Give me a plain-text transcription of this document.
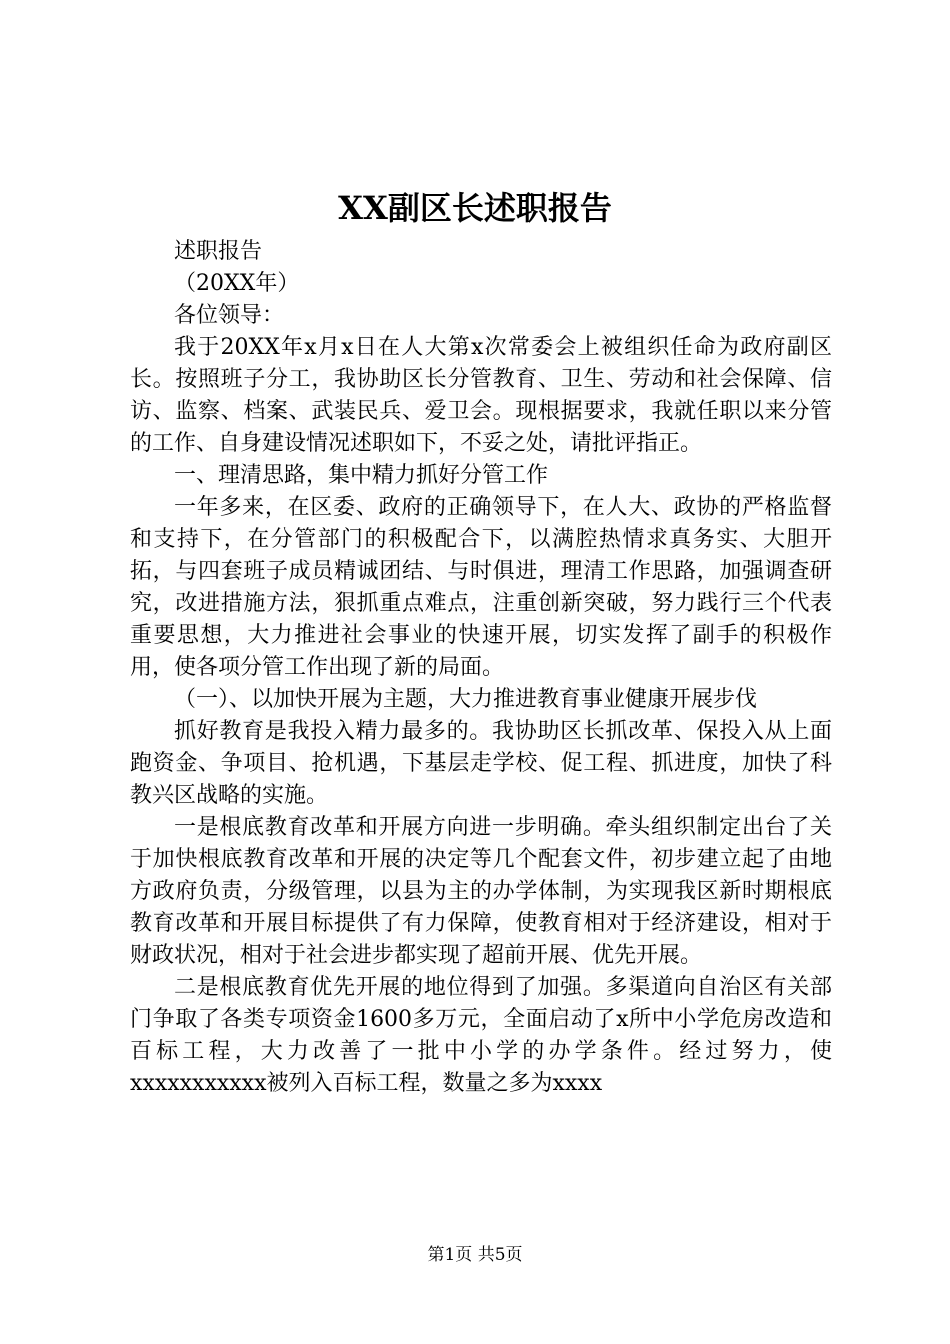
XX副区长述职报告

述职报告

（20XX年）

各位领导：

我于20XX年x月x日在人大第x次常委会上被组织任命为政府副区长。按照班子分工，我协助区长分管教育、卫生、劳动和社会保障、信访、监察、档案、武装民兵、爱卫会。现根据要求，我就任职以来分管的工作、自身建设情况述职如下，不妥之处，请批评指正。

一、理清思路，集中精力抓好分管工作

一年多来，在区委、政府的正确领导下，在人大、政协的严格监督和支持下，在分管部门的积极配合下，以满腔热情求真务实、大胆开拓，与四套班子成员精诚团结、与时俱进，理清工作思路，加强调查研究，改进措施方法，狠抓重点难点，注重创新突破，努力践行三个代表重要思想，大力推进社会事业的快速开展，切实发挥了副手的积极作用，使各项分管工作出现了新的局面。

（一）、以加快开展为主题，大力推进教育事业健康开展步伐

抓好教育是我投入精力最多的。我协助区长抓改革、保投入从上面跑资金、争项目、抢机遇，下基层走学校、促工程、抓进度，加快了科教兴区战略的实施。

一是根底教育改革和开展方向进一步明确。牵头组织制定出台了关于加快根底教育改革和开展的决定等几个配套文件，初步建立起了由地方政府负责，分级管理，以县为主的办学体制，为实现我区新时期根底教育改革和开展目标提供了有力保障，使教育相对于经济建设，相对于财政状况，相对于社会进步都实现了超前开展、优先开展。

二是根底教育优先开展的地位得到了加强。多渠道向自治区有关部门争取了各类专项资金1600多万元，全面启动了x所中小学危房改造和百标工程，大力改善了一批中小学的办学条件。经过努力，使xxxxxxxxxxx被列入百标工程，数量之多为xxxx

第1页 共5页
